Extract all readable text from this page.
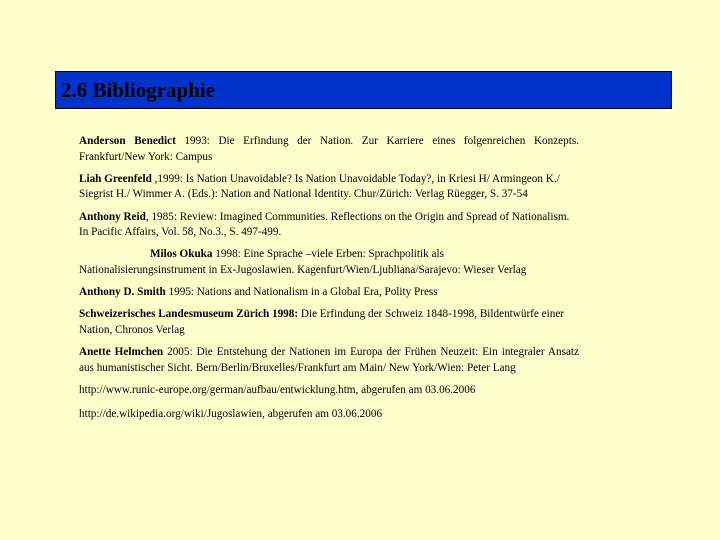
2.6 Bibliographie
Anderson Benedict 1993: Die Erfindung der Nation. Zur Karriere eines folgenreichen Konzepts. Frankfurt/New York: Campus
Liah Greenfeld ,1999: Is Nation Unavoidable? Is Nation Unavoidable Today?, in Kriesi H/ Armingeon K./ Siegrist H./ Wimmer A. (Eds.): Nation and National Identity. Chur/Zürich: Verlag Rüegger, S. 37-54
Anthony Reid, 1985: Review: Imagined Communities. Reflections on the Origin and Spread of Nationalism. In Pacific Affairs, Vol. 58, No.3., S. 497-499.
Milos Okuka 1998: Eine Sprache –viele Erben: Sprachpolitik als
Nationalisierungsinstrument in Ex-Jugoslawien. Kagenfurt/Wien/Ljubliana/Sarajevo: Wieser Verlag
Anthony D. Smith 1995: Nations and Nationalism in a Global Era, Polity Press
Schweizerisches Landesmuseum Zürich 1998: Die Erfindung der Schweiz 1848-1998, Bildentwürfe einer Nation, Chronos Verlag
Anette Helmchen 2005: Die Entstehung der Nationen im Europa der Frühen Neuzeit: Ein integraler Ansatz aus humanistischer Sicht. Bern/Berlin/Bruxelles/Frankfurt am Main/ New York/Wien: Peter Lang
http://www.runic-europe.org/german/aufbau/entwicklung.htm, abgerufen am 03.06.2006
http://de.wikipedia.org/wiki/Jugoslawien, abgerufen am 03.06.2006
